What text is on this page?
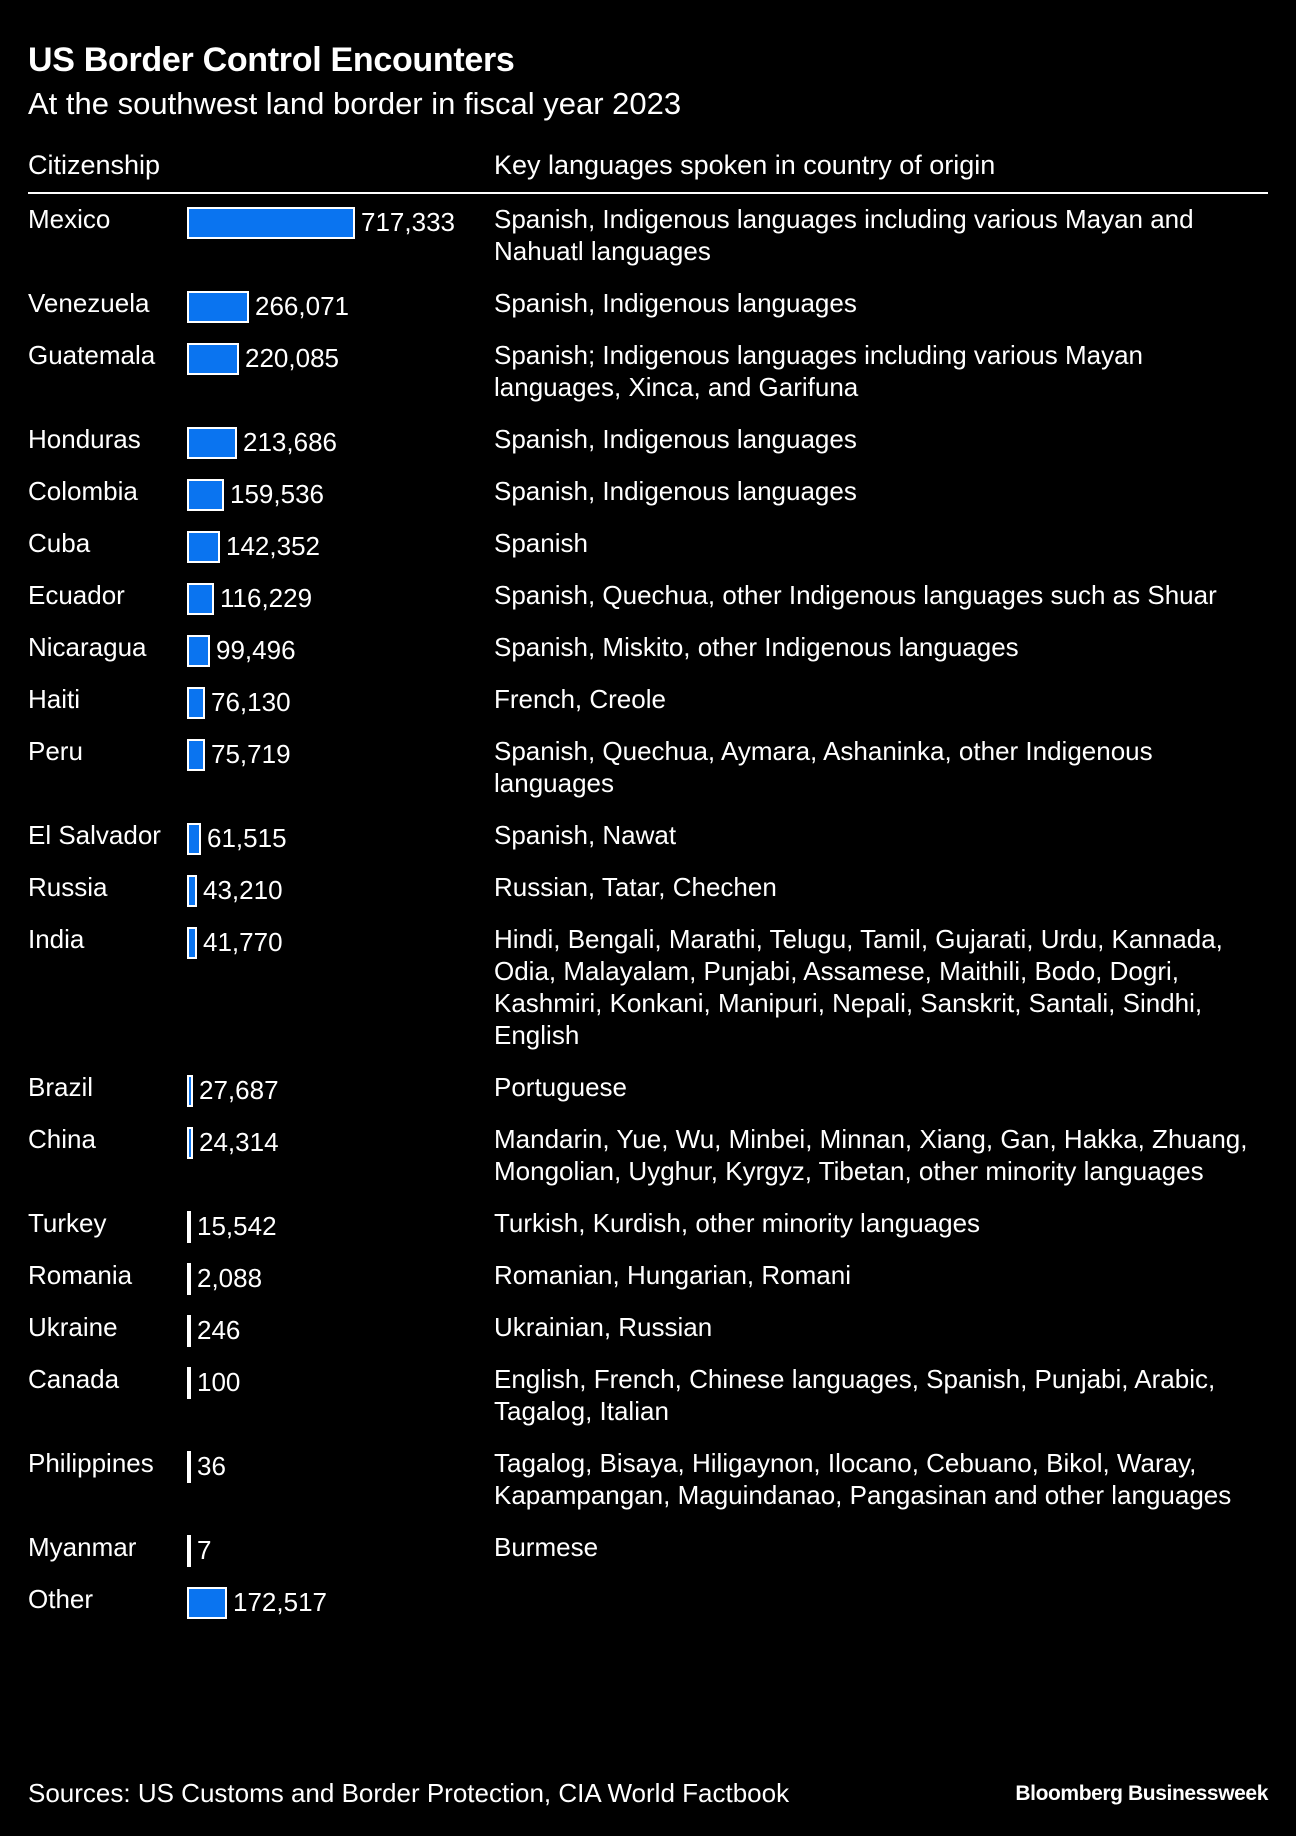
US Border Control Encounters
At the southwest land border in fiscal year 2023
Citizenship	Key languages spoken in country of origin
Mexico	717,333 Spanish, Indigenous languages including various Mayan and Nahuatl languages
Venezuela	266,071	Spanish, Indigenous languages
Guatemala	220,085	Spanish; Indigenous languages including various Mayan languages, Xinca, and Garifuna
Honduras	213,686	Spanish, Indigenous languages
Colombia	159,536	Spanish, Indigenous languages
Cuba	142,352	Spanish
Ecuador	116,229	Spanish, Quechua, other Indigenous languages such as Shuar
Nicaragua	99,496	Spanish, Miskito, other Indigenous languages
Haiti	76,130	French, Creole
Peru	75,719	Spanish, Quechua, Aymara, Ashaninka, other Indigenous languages
El Salvador	61,515	Spanish, Nawat
Russia	43,210	Russian, Tatar, Chechen
India	41,770	Hindi, Bengali, Marathi, Telugu, Tamil, Gujarati, Urdu, Kannada, Odia, Malayalam, Punjabi, Assamese, Maithili, Bodo, Dogri, Kashmiri, Konkani, Manipuri, Nepali, Sanskrit, Santali, Sindhi, English
Brazil	27,687	Portuguese
China	24,314	Mandarin, Yue, Wu, Minbei, Minnan, Xiang, Gan, Hakka, Zhuang, Mongolian, Uyghur, Kyrgyz, Tibetan, other minority languages
Turkey	15,542	Turkish, Kurdish, other minority languages
Romania	2,088	Romanian, Hungarian, Romani
Ukraine	246	Ukrainian, Russian
Canada	100	English, French, Chinese languages, Spanish, Punjabi, Arabic, Tagalog, Italian
Philippines	36	Tagalog, Bisaya, Hiligaynon, Ilocano, Cebuano, Bikol, Waray, Kapampangan, Maguindanao, Pangasinan and other languages
Myanmar	7	Burmese
Other	172,517
Sources: US Customs and Border Protection, CIA World Factbook	Bloomberg Businessweek
